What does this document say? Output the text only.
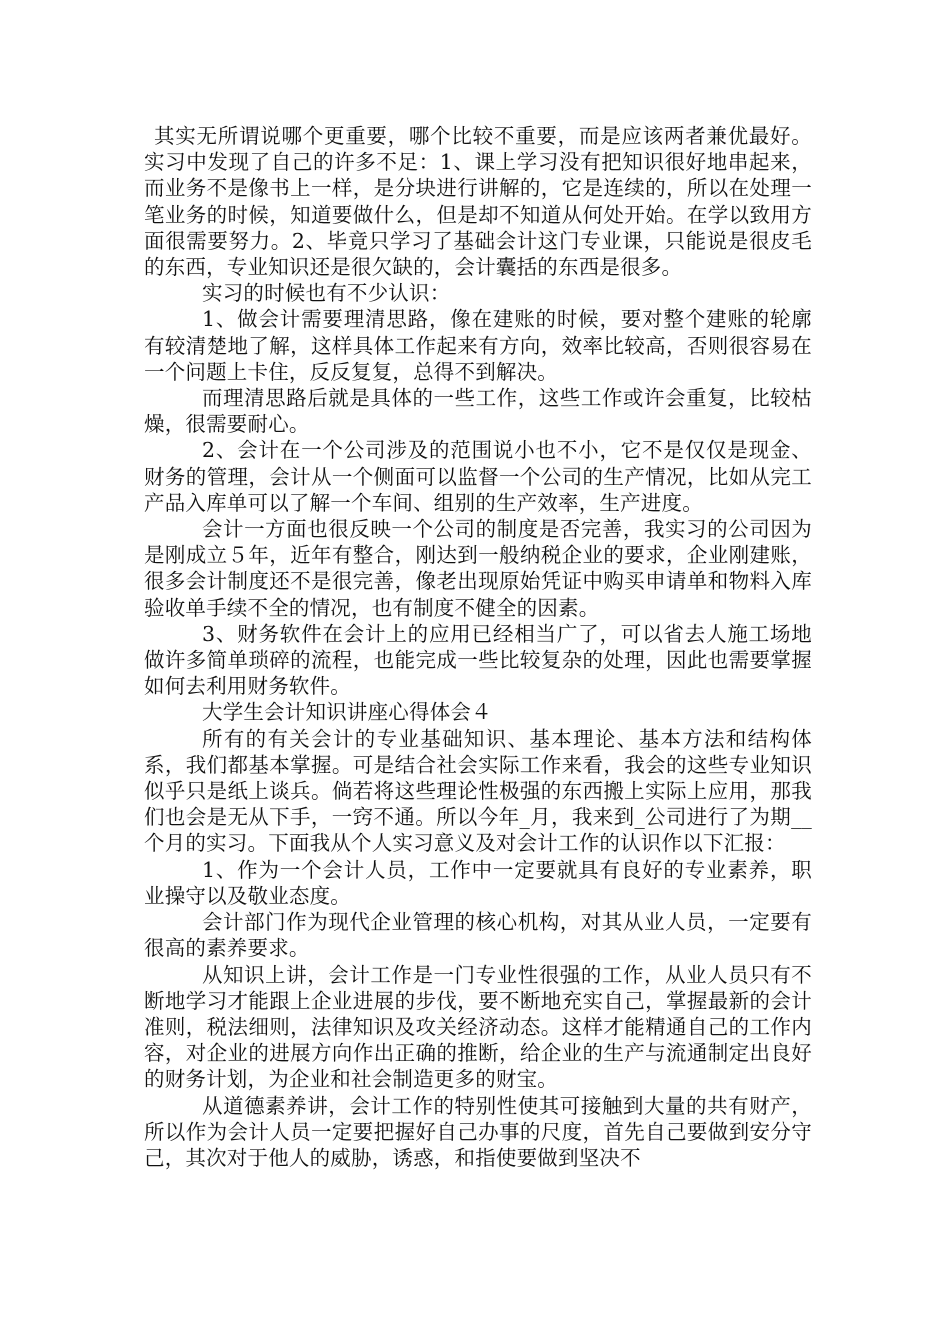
其实无所谓说哪个更重要，哪个比较不重要，而是应该两者兼优最好。实习中发现了自己的许多不足：1、课上学习没有把知识很好地串起来，而业务不是像书上一样，是分块进行讲解的，它是连续的，所以在处理一笔业务的时候，知道要做什么，但是却不知道从何处开始。在学以致用方面很需要努力。2、毕竟只学习了基础会计这门专业课，只能说是很皮毛的东西，专业知识还是很欠缺的，会计囊括的东西是很多。

实习的时候也有不少认识：

1、做会计需要理清思路，像在建账的时候，要对整个建账的轮廓有较清楚地了解，这样具体工作起来有方向，效率比较高，否则很容易在一个问题上卡住，反反复复，总得不到解决。

而理清思路后就是具体的一些工作，这些工作或许会重复，比较枯燥，很需要耐心。

2、会计在一个公司涉及的范围说小也不小，它不是仅仅是现金、财务的管理，会计从一个侧面可以监督一个公司的生产情况，比如从完工产品入库单可以了解一个车间、组别的生产效率，生产进度。

会计一方面也很反映一个公司的制度是否完善，我实习的公司因为是刚成立５年，近年有整合，刚达到一般纳税企业的要求，企业刚建账，很多会计制度还不是很完善，像老出现原始凭证中购买申请单和物料入库验收单手续不全的情况，也有制度不健全的因素。

3、财务软件在会计上的应用已经相当广了，可以省去人施工场地做许多简单琐碎的流程，也能完成一些比较复杂的处理，因此也需要掌握如何去利用财务软件。

大学生会计知识讲座心得体会４

所有的有关会计的专业基础知识、基本理论、基本方法和结构体系，我们都基本掌握。可是结合社会实际工作来看，我会的这些专业知识似乎只是纸上谈兵。倘若将这些理论性极强的东西搬上实际上应用，那我们也会是无从下手，一窍不通。所以今年_月，我来到_公司进行了为期__个月的实习。下面我从个人实习意义及对会计工作的认识作以下汇报：

1、作为一个会计人员，工作中一定要就具有良好的专业素养，职业操守以及敬业态度。

会计部门作为现代企业管理的核心机构，对其从业人员，一定要有很高的素养要求。

从知识上讲，会计工作是一门专业性很强的工作，从业人员只有不断地学习才能跟上企业进展的步伐，要不断地充实自己，掌握最新的会计准则，税法细则，法律知识及攻关经济动态。这样才能精通自己的工作内容，对企业的进展方向作出正确的推断，给企业的生产与流通制定出良好的财务计划，为企业和社会制造更多的财宝。

从道德素养讲，会计工作的特别性使其可接触到大量的共有财产，所以作为会计人员一定要把握好自己办事的尺度，首先自己要做到安分守己，其次对于他人的威胁，诱惑，和指使要做到坚决不
